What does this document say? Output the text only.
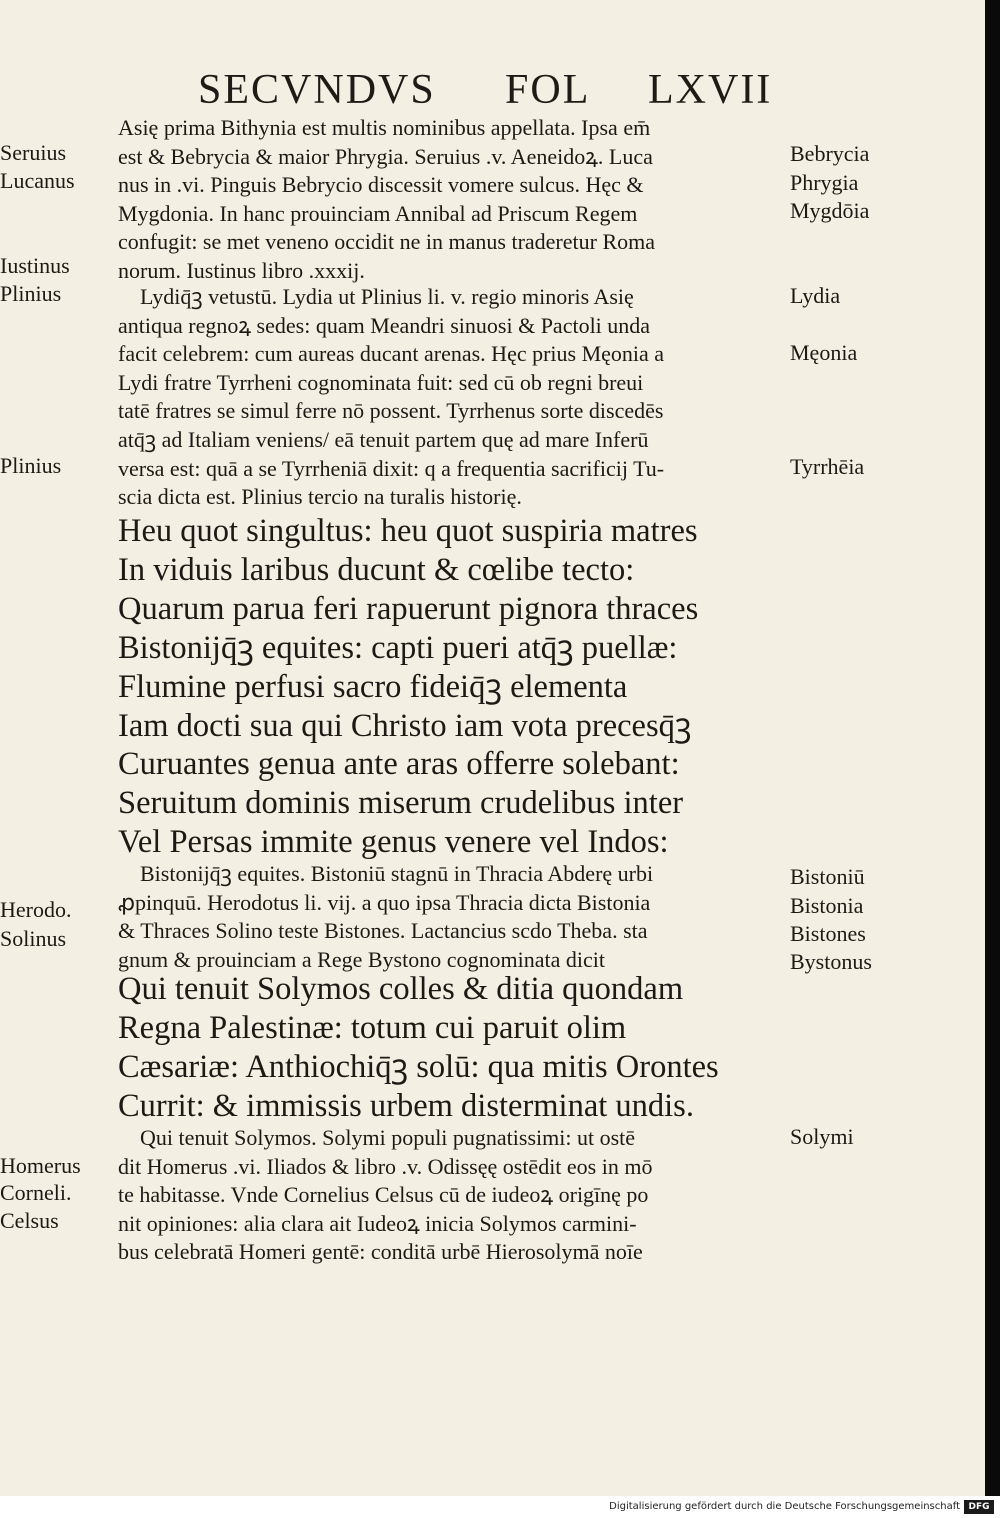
SECVNDVS FOL LXVII
Asię prima Bithynia est multis nominibus appellata. Ipsa em̄
est & Bebrycia & maior Phrygia. Seruius .v. Aeneidoꝝ. Luca
nus in .vi. Pinguis Bebrycio discessit vomere sulcus. Hęc &
Mygdonia. In hanc prouinciam Annibal ad Priscum Regem
confugit: se met veneno occidit ne in manus traderetur Roma
norum. Iustinus libro .xxxij.
Lydiq̄ꝫ vetustū. Lydia ut Plinius li. v. regio minoris Asię
antiqua regnoꝝ sedes: quam Meandri sinuosi & Pactoli unda
facit celebrem: cum aureas ducant arenas. Hęc prius Męonia a
Lydi fratre Tyrrheni cognominata fuit: sed cū ob regni breui
tatē fratres se simul ferre nō possent. Tyrrhenus sorte discedēs
atq̄ꝫ ad Italiam veniens/ eā tenuit partem quę ad mare Inferū
versa est: quā a se Tyrrheniā dixit: q a frequentia sacrificij Tu-
scia dicta est. Plinius tercio na turalis historię.
Heu quot singultus: heu quot suspiria matres
In viduis laribus ducunt & cœlibe tecto:
Quarum parua feri rapuerunt pignora thraces
Bistonijq̄ꝫ equites: capti pueri atq̄ꝫ puellæ:
Flumine perfusi sacro fideiq̄ꝫ elementa
Iam docti sua qui Christo iam vota precesq̄ꝫ
Curuantes genua ante aras offerre solebant:
Seruitum dominis miserum crudelibus inter
Vel Persas immite genus venere vel Indos:
Bistonijq̄ꝫ equites. Bistoniū stagnū in Thracia Abderę urbi
ꝓpinquū. Herodotus li. vij. a quo ipsa Thracia dicta Bistonia
& Thraces Solino teste Bistones. Lactancius scdo Theba. sta
gnum & prouinciam a Rege Bystono cognominata dicit
Qui tenuit Solymos colles & ditia quondam
Regna Palestinæ: totum cui paruit olim
Cæsariæ: Anthiochiq̄ꝫ solū: qua mitis Orontes
Currit: & immissis urbem disterminat undis.
Qui tenuit Solymos. Solymi populi pugnatissimi: ut ostē
dit Homerus .vi. Iliados & libro .v. Odissęę ostēdit eos in mō
te habitasse. Vnde Cornelius Celsus cū de iudeoꝝ origīnę po
nit opiniones: alia clara ait Iudeoꝝ inicia Solymos carmini-
bus celebratā Homeri gentē: conditā urbē Hierosolymā noīe
Seruius
Lucanus
Iustinus
Plinius
Plinius
Herodo.
Solinus
Homerus
Corneli.
Celsus
Bebrycia
Phrygia
Mygdōia
Lydia
Męonia
Tyrrhēia
Bistoniū
Bistonia
Bistones
Bystonus
Solymi
Digitalisierung gefördert durch die Deutsche Forschungsgemeinschaft DFG
